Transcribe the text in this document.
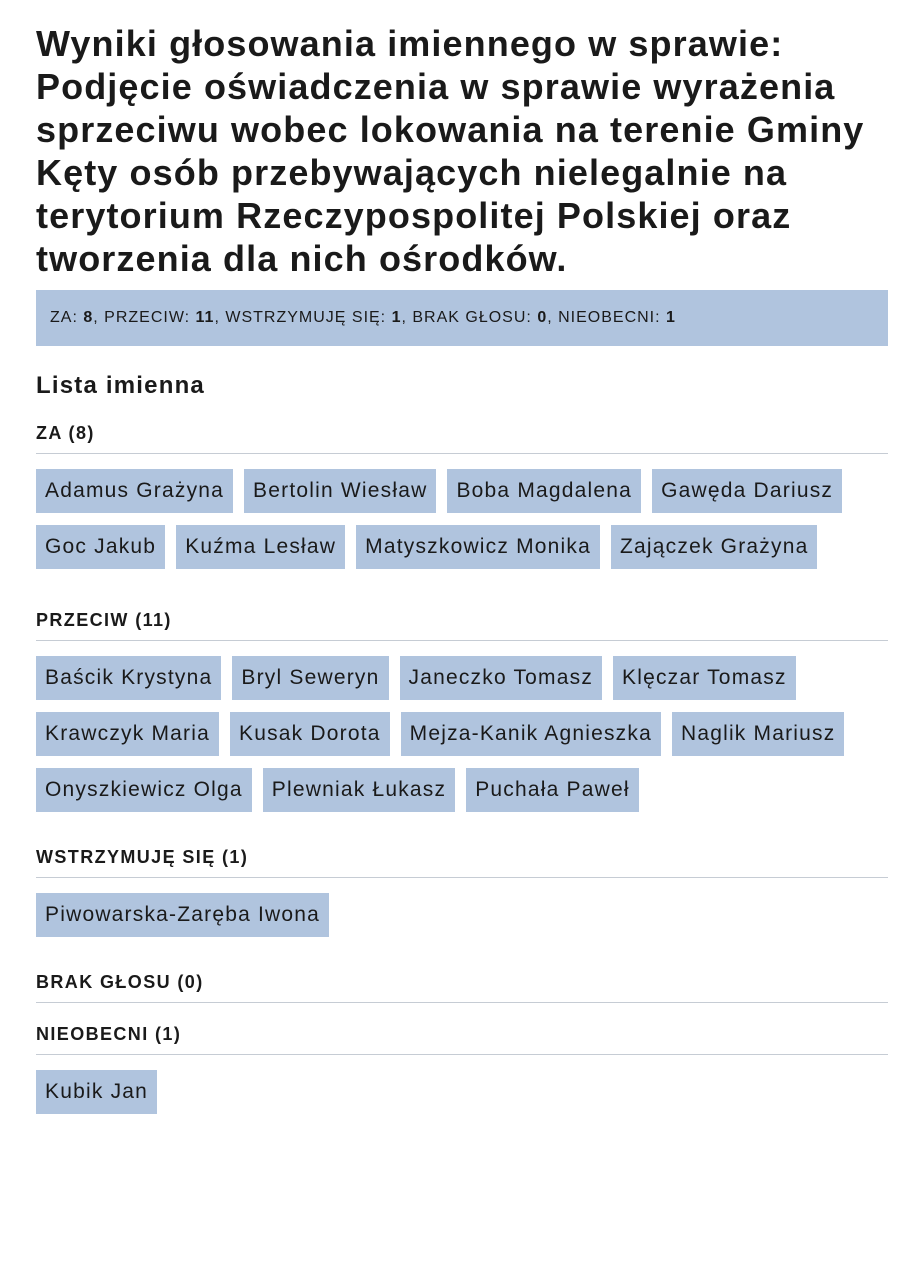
Wyniki głosowania imiennego w sprawie: Podjęcie oświadczenia w sprawie wyrażenia sprzeciwu wobec lokowania na terenie Gminy Kęty osób przebywających nielegalnie na terytorium Rzeczypospolitej Polskiej oraz tworzenia dla nich ośrodków.
ZA:
8 , PRZECIW:
11 , WSTRZYMUJĘ SIĘ:
1 , BRAK GŁOSU:
0 , NIEOBECNI:
1
Lista imienna
ZA (8)
Adamus Grażyna	Bertolin Wiesław	Boba Magdalena	Gawęda Dariusz
Goc Jakub	Kuźma Lesław	Matyszkowicz Monika	Zajączek Grażyna
PRZECIW (11)
Baścik Krystyna	Bryl Seweryn	Janeczko Tomasz	Klęczar Tomasz
Krawczyk Maria	Kusak Dorota	Mejza-Kanik Agnieszka	Naglik Mariusz
Onyszkiewicz Olga	Plewniak Łukasz	Puchała Paweł
WSTRZYMUJĘ SIĘ (1)
Piwowarska-Zaręba Iwona
BRAK GŁOSU (0)
NIEOBECNI (1)
Kubik Jan
